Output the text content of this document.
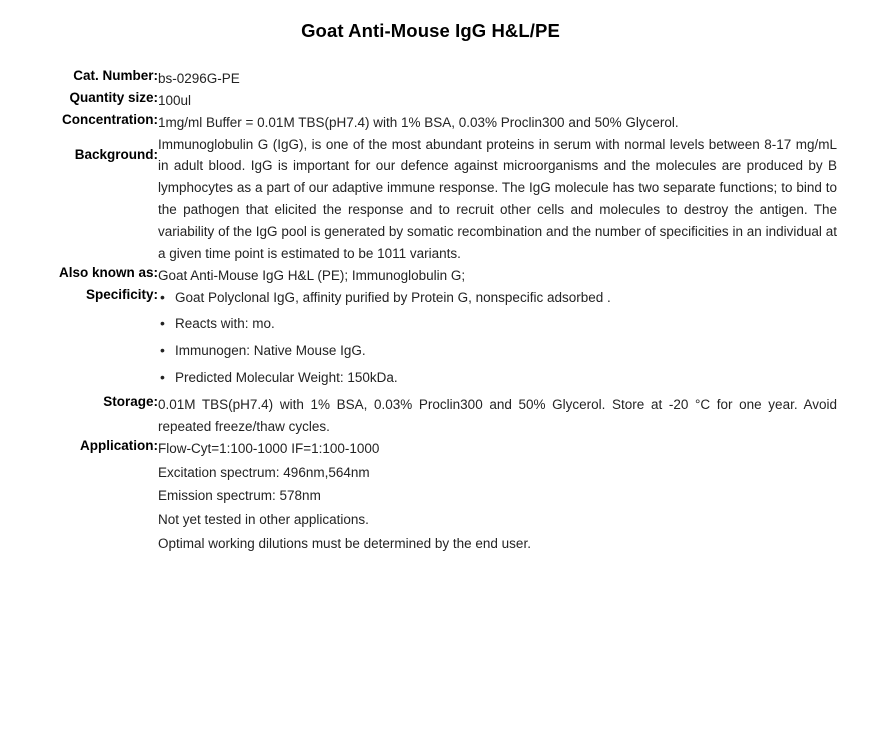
Goat Anti-Mouse IgG H&L/PE
Cat. Number:	bs-0296G-PE
Quantity size:	100ul
Concentration:	1mg/ml Buffer = 0.01M TBS(pH7.4) with 1% BSA, 0.03% Proclin300 and 50% Glycerol.
Background:	Immunoglobulin G (IgG), is one of the most abundant proteins in serum with normal levels between 8-17 mg/mL in adult blood. IgG is important for our defence against microorganisms and the molecules are produced by B lymphocytes as a part of our adaptive immune response. The IgG molecule has two separate functions; to bind to the pathogen that elicited the response and to recruit other cells and molecules to destroy the antigen. The variability of the IgG pool is generated by somatic recombination and the number of specificities in an individual at a given time point is estimated to be 1011 variants.
Also known as:	Goat Anti-Mouse IgG H&L (PE); Immunoglobulin G;
Specificity:	
•Goat Polyclonal IgG, affinity purified by Protein G, nonspecific adsorbed .
• Reacts with: mo.
• Immunogen: Native Mouse IgG.
• Predicted Molecular Weight: 150kDa.

Storage:	0.01M TBS(pH7.4) with 1% BSA, 0.03% Proclin300 and 50% Glycerol. Store at -20 °C for one year. Avoid repeated freeze/thaw cycles.
Application:	Flow-Cyt=1:100-1000 IF=1:100-1000
Excitation spectrum: 496nm,564nm
Emission spectrum: 578nm
Not yet tested in other applications.
Optimal working dilutions must be determined by the end user.
